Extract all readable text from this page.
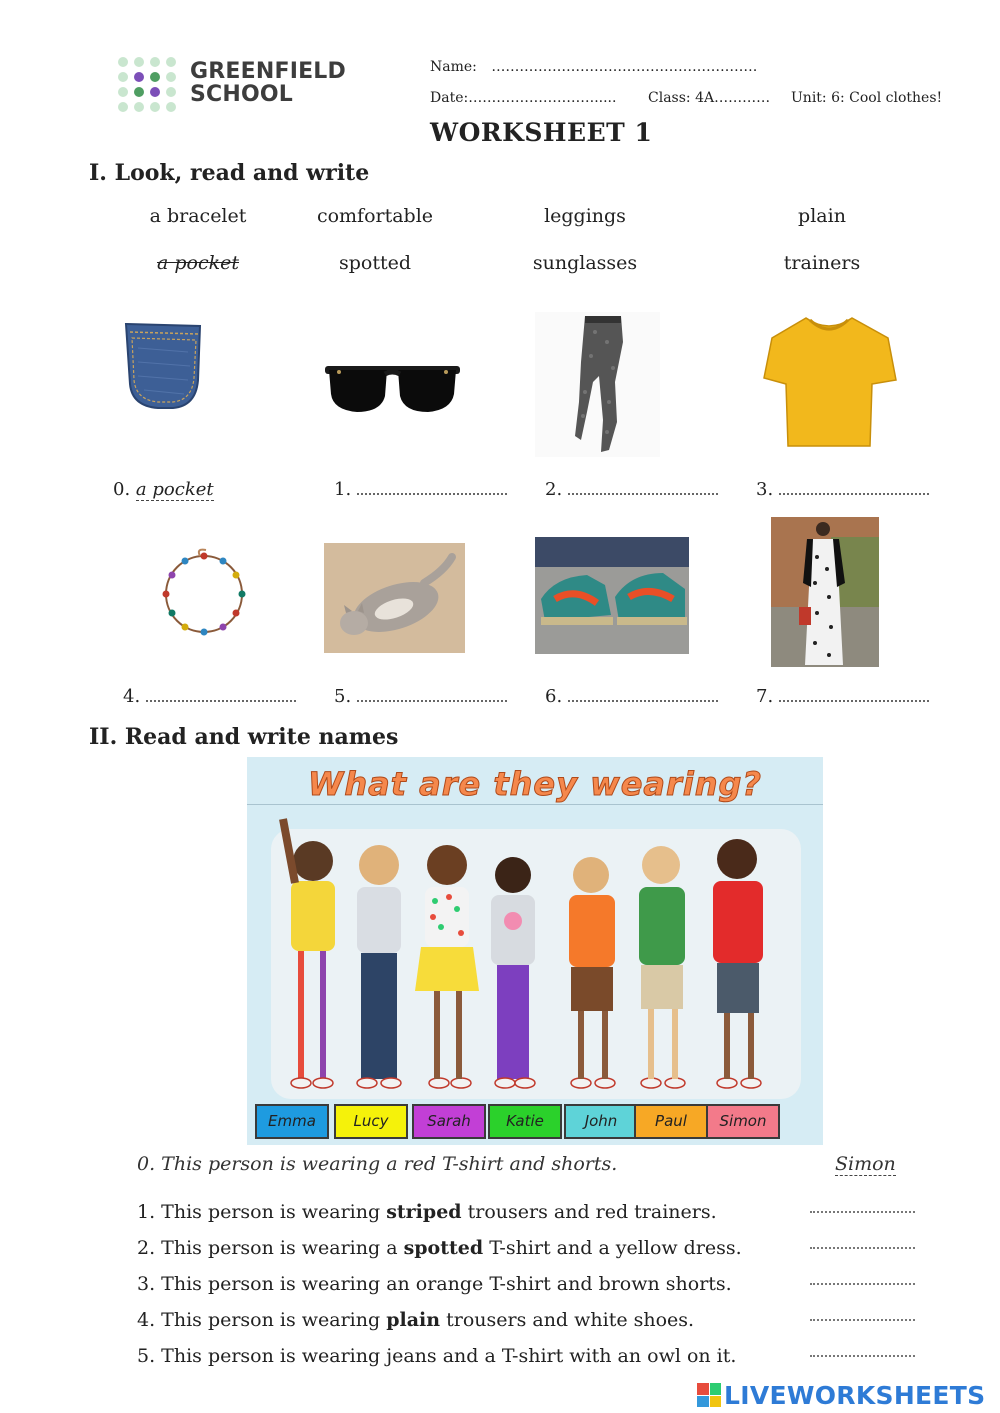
GREENFIELD
SCHOOL
Name: …………………………………………………
Date:………………………..... Class: 4A………… Unit: 6: Cool clothes!
WORKSHEET 1
I. Look, read and write
a bracelet	comfortable	leggings	plain
a pocket	spotted	sunglasses	trainers
0. a pocket	1.	2.	3.
4.	5.	6.	7.
II. Read and write names
What are they wearing?
Emma	Lucy	Sarah	Katie	John	Paul	Simon
0. This person is wearing a red T-shirt and shorts.	Simon
1. This person is wearing striped trousers and red trainers.
2. This person is wearing a spotted T-shirt and a yellow dress.
3. This person is wearing an orange T-shirt and brown shorts.
4. This person is wearing plain trousers and white shoes.
5. This person is wearing jeans and a T-shirt with an owl on it.
LIVEWORKSHEETS
